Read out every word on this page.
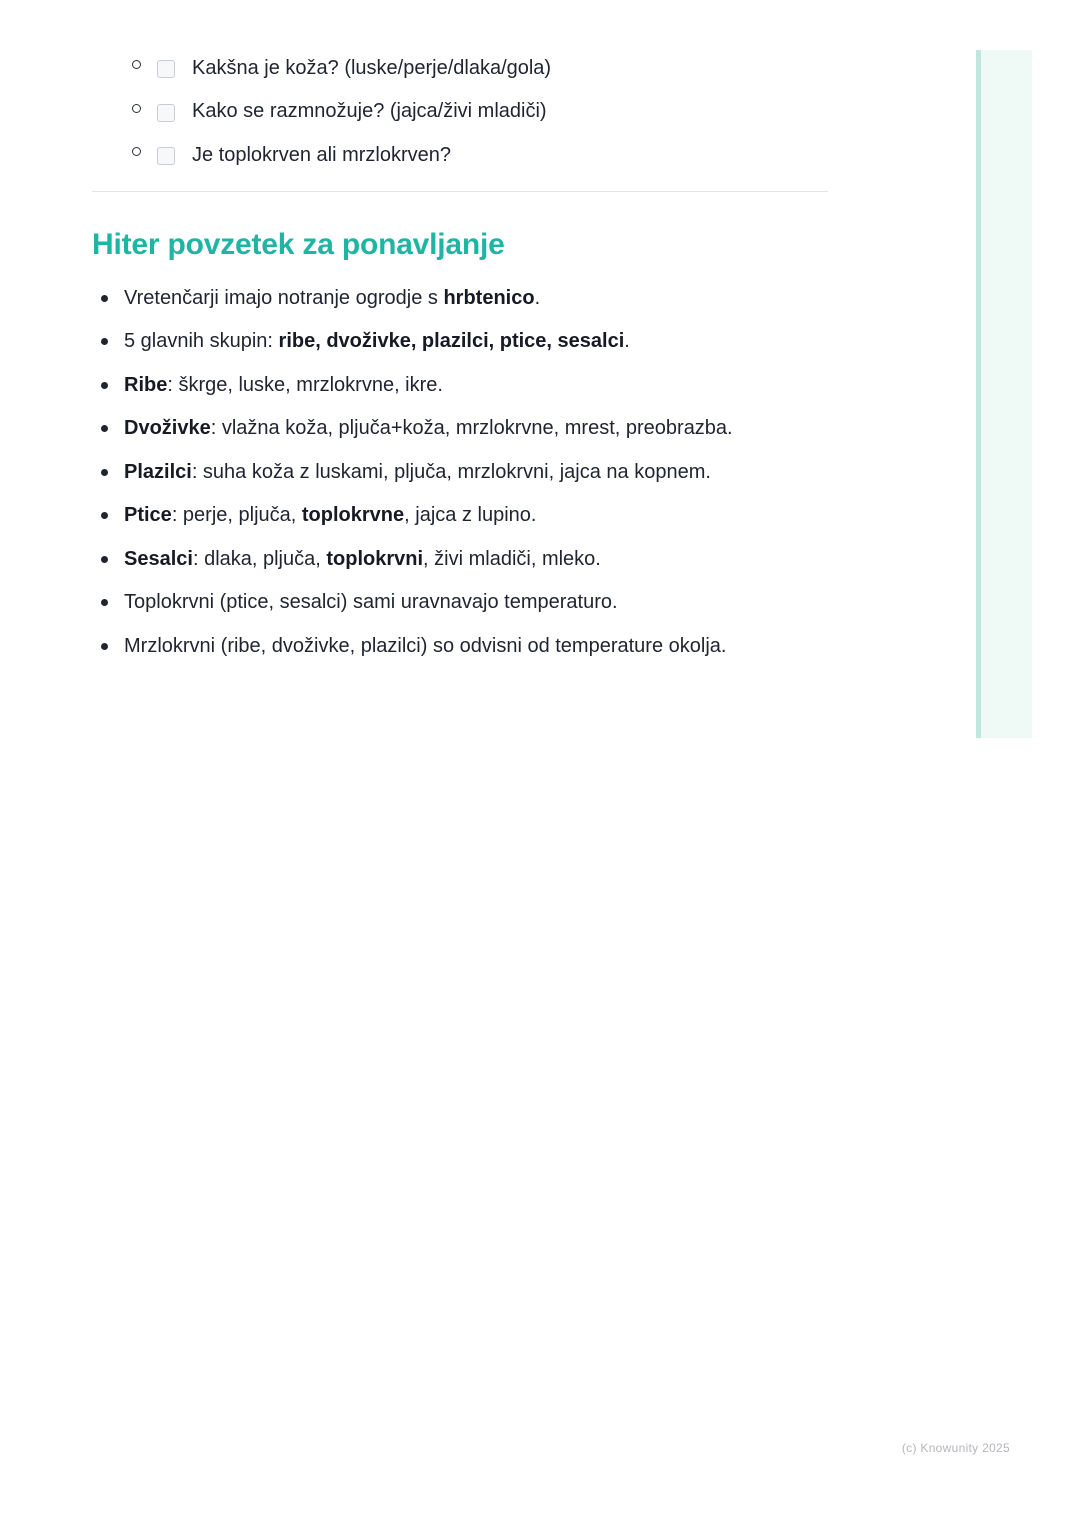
Kakšna je koža? (luske/perje/dlaka/gola)
Kako se razmnožuje? (jajca/živi mladiči)
Je toplokrven ali mrzlokrven?
Hiter povzetek za ponavljanje
Vretenčarji imajo notranje ogrodje s hrbtenico.
5 glavnih skupin: ribe, dvoživke, plazilci, ptice, sesalci.
Ribe: škrge, luske, mrzlokrvne, ikre.
Dvoživke: vlažna koža, pljuča+koža, mrzlokrvne, mrest, preobrazba.
Plazilci: suha koža z luskami, pljuča, mrzlokrvni, jajca na kopnem.
Ptice: perje, pljuča, toplokrvne, jajca z lupino.
Sesalci: dlaka, pljuča, toplokrvni, živi mladiči, mleko.
Toplokrvni (ptice, sesalci) sami uravnavajo temperaturo.
Mrzlokrvni (ribe, dvoživke, plazilci) so odvisni od temperature okolja.
(c) Knowunity 2025
